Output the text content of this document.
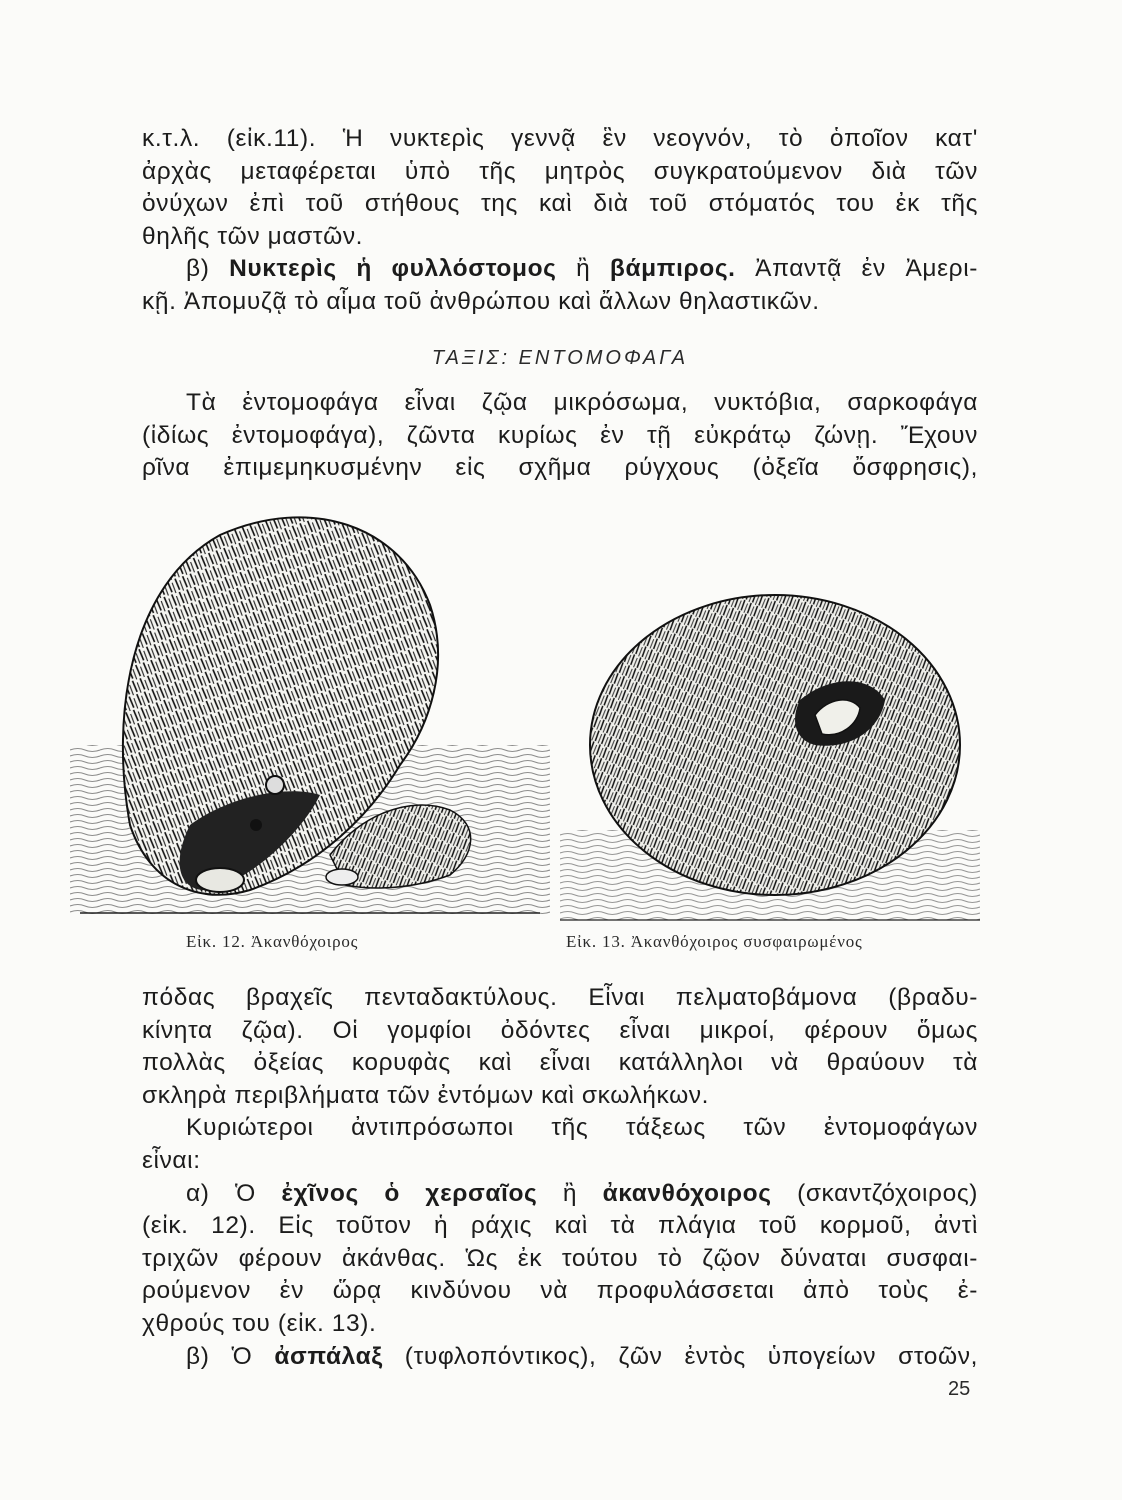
κ.τ.λ. (εἰκ.11). Ἡ νυκτερὶς γεννᾷ ἓν νεογνόν, τὸ ὁποῖον κατ'

ἀρχὰς μεταφέρεται ὑπὸ τῆς μητρὸς συγκρατούμενον διὰ τῶν

ὀνύχων ἐπὶ τοῦ στήθους της καὶ διὰ τοῦ στόματός του ἐκ τῆς

θηλῆς τῶν μαστῶν.

β) Νυκτερὶς ἡ φυλλόστομος ἢ βάμπιρος. Ἀπαντᾷ ἐν Ἀμερι-

κῇ. Ἀπομυζᾷ τὸ αἷμα τοῦ ἀνθρώπου καὶ ἄλλων θηλαστικῶν.

ΤΑΞΙΣ: ΕΝΤΟΜΟΦΑΓΑ

Τὰ ἐντομοφάγα εἶναι ζῷα μικρόσωμα, νυκτόβια, σαρκοφάγα

(ἰδίως ἐντομοφάγα), ζῶντα κυρίως ἐν τῇ εὐκράτῳ ζώνῃ. Ἔχουν

ρῖνα ἐπιμεμηκυσμένην εἰς σχῆμα ρύγχους (ὀξεῖα ὄσφρησις),

Εἰκ. 12. Ἀκανθόχοιρος	Εἰκ. 13. Ἀκανθόχοιρος συσφαιρωμένος

πόδας βραχεῖς πενταδακτύλους. Εἶναι πελματοβάμονα (βραδυ-

κίνητα ζῷα). Οἱ γομφίοι ὀδόντες εἶναι μικροί, φέρουν ὅμως

πολλὰς ὀξείας κορυφὰς καὶ εἶναι κατάλληλοι νὰ θραύουν τὰ

σκληρὰ περιβλήματα τῶν ἐντόμων καὶ σκωλήκων.

Κυριώτεροι ἀντιπρόσωποι τῆς τάξεως τῶν ἐντομοφάγων

εἶναι:

α) Ὁ ἐχῖνος ὁ χερσαῖος ἢ ἀκανθόχοιρος (σκαντζόχοιρος)

(εἰκ. 12). Εἰς τοῦτον ἡ ράχις καὶ τὰ πλάγια τοῦ κορμοῦ, ἀντὶ

τριχῶν φέρουν ἀκάνθας. Ὡς ἐκ τούτου τὸ ζῷον δύναται συσφαι-

ρούμενον ἐν ὥρᾳ κινδύνου νὰ προφυλάσσεται ἀπὸ τοὺς ἐ-

χθρούς του (εἰκ. 13).

β) Ὁ ἀσπάλαξ (τυφλοπόντικος), ζῶν ἐντὸς ὑπογείων στοῶν,

25
